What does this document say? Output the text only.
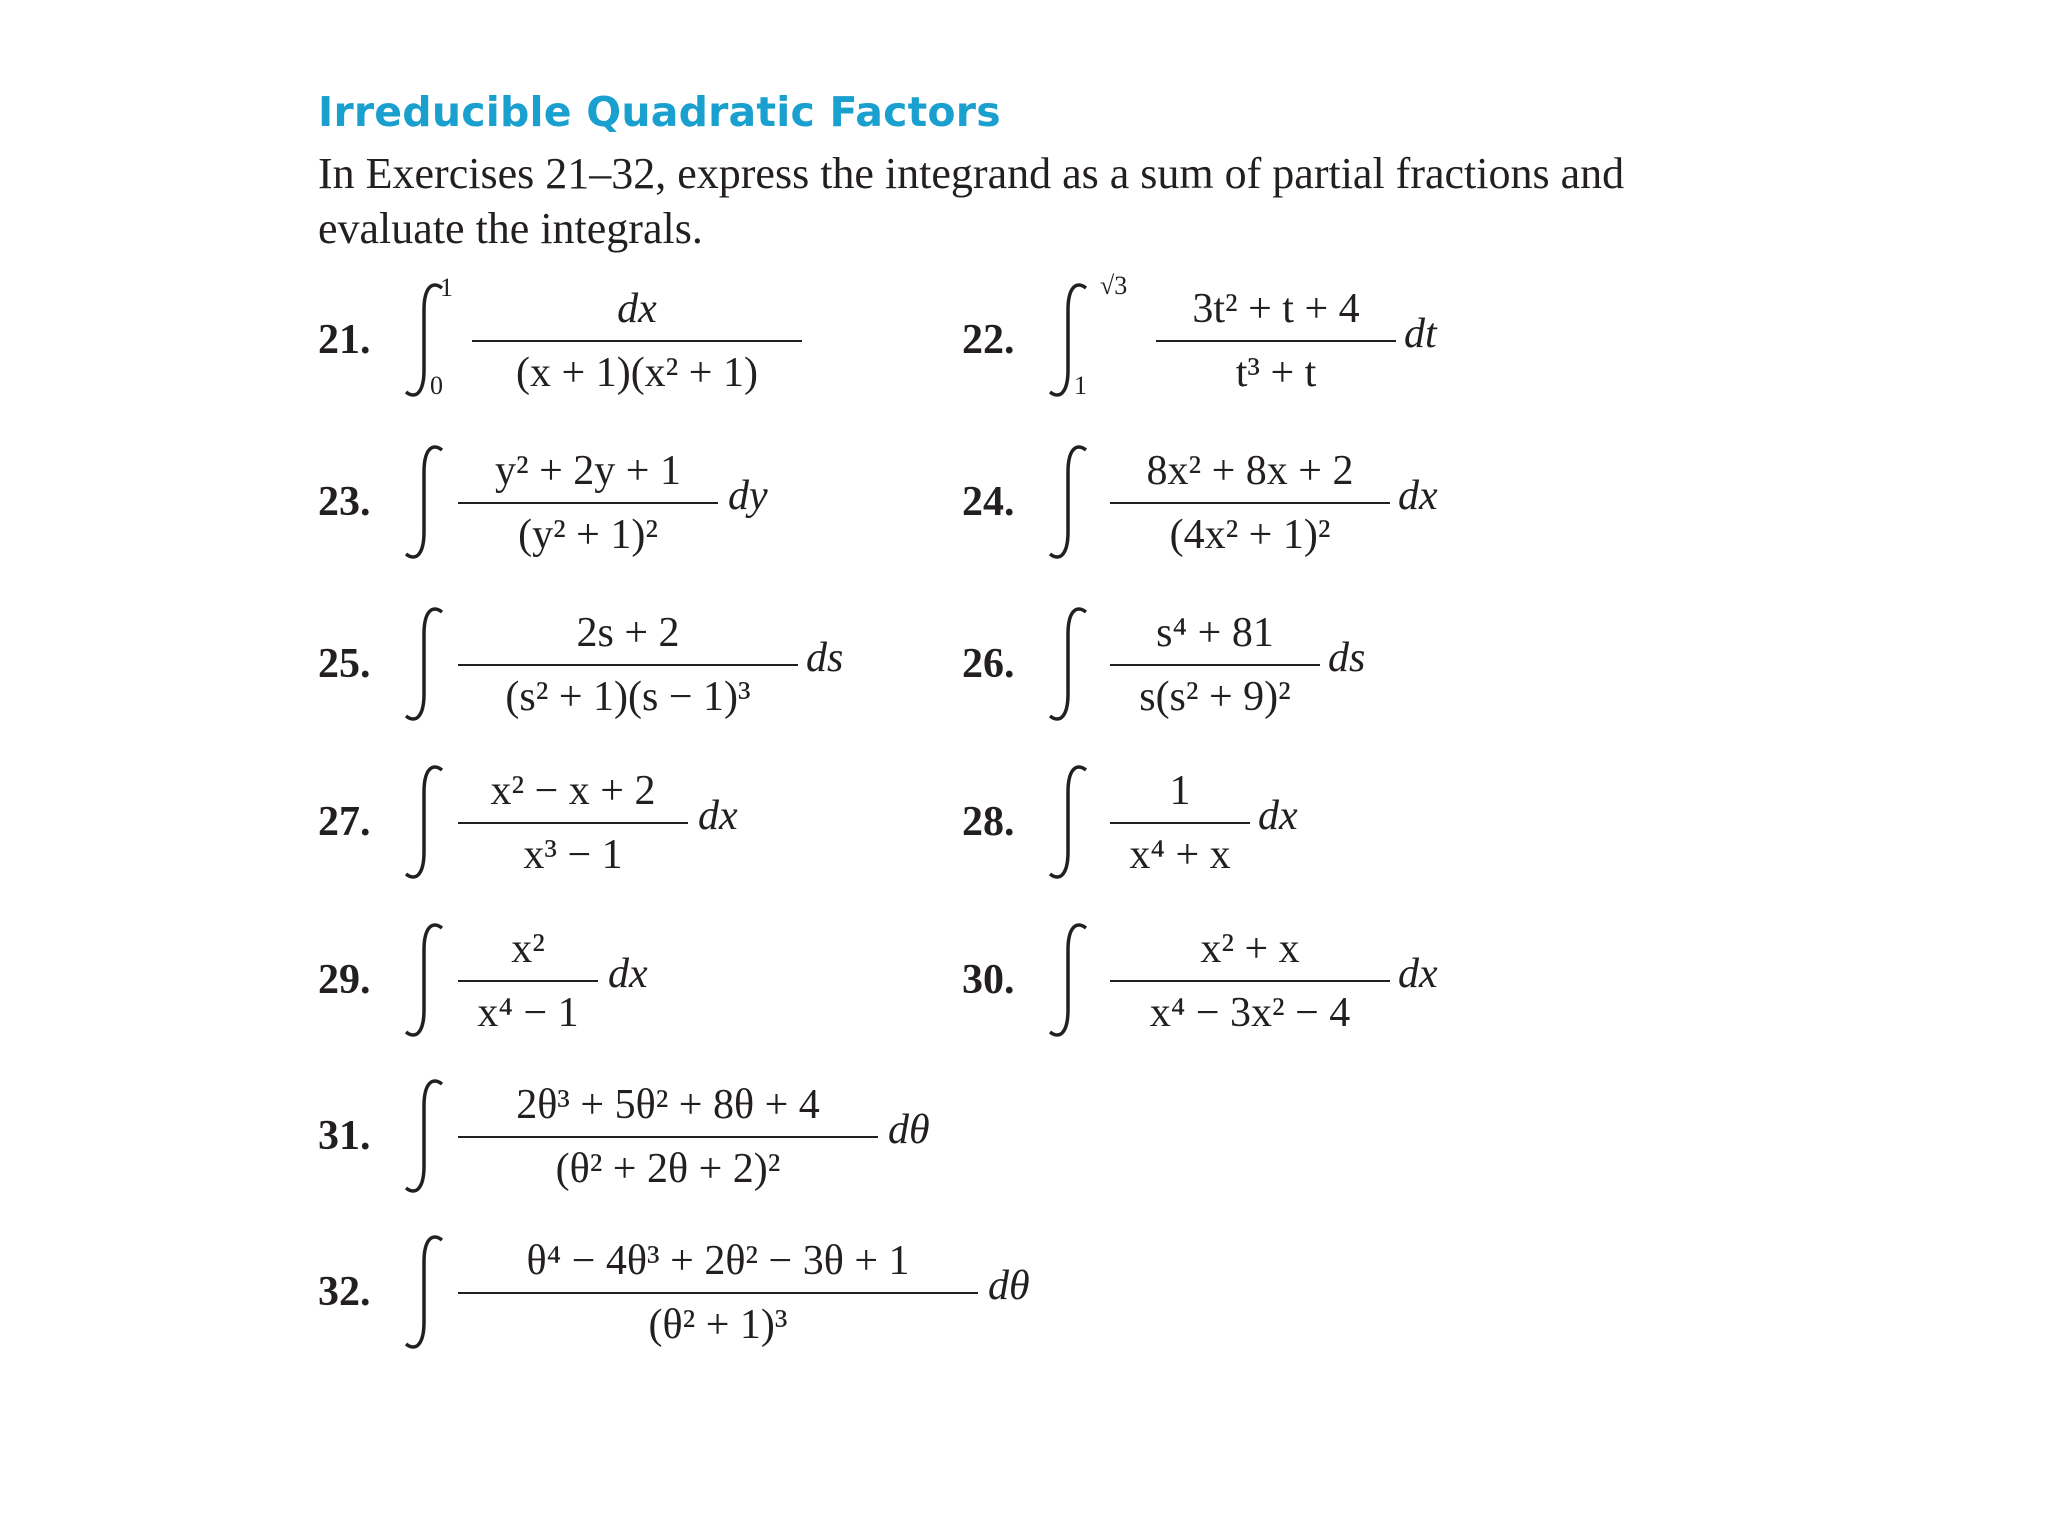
Irreducible Quadratic Factors
In Exercises 21–32, express the integrand as a sum of partial fractions and evaluate the integrals.
21.
1
0
dx
(x + 1)(x² + 1)
22.
√3
1
3t² + t + 4
t³ + t
dt
23.
y² + 2y + 1
(y² + 1)²
dy	24.
8x² + 8x + 2
(4x² + 1)²
dx
25.
2s + 2
(s² + 1)(s − 1)³
ds	26.
s⁴ + 81
s(s² + 9)²
ds
27.
x² − x + 2
x³ − 1
dx	28.
1
x⁴ + x
dx
29.
x²
x⁴ − 1
dx	30.
x² + x
x⁴ − 3x² − 4
dx
31.
2θ³ + 5θ² + 8θ + 4
(θ² + 2θ + 2)²
dθ
32.
θ⁴ − 4θ³ + 2θ² − 3θ + 1
(θ² + 1)³
dθ
